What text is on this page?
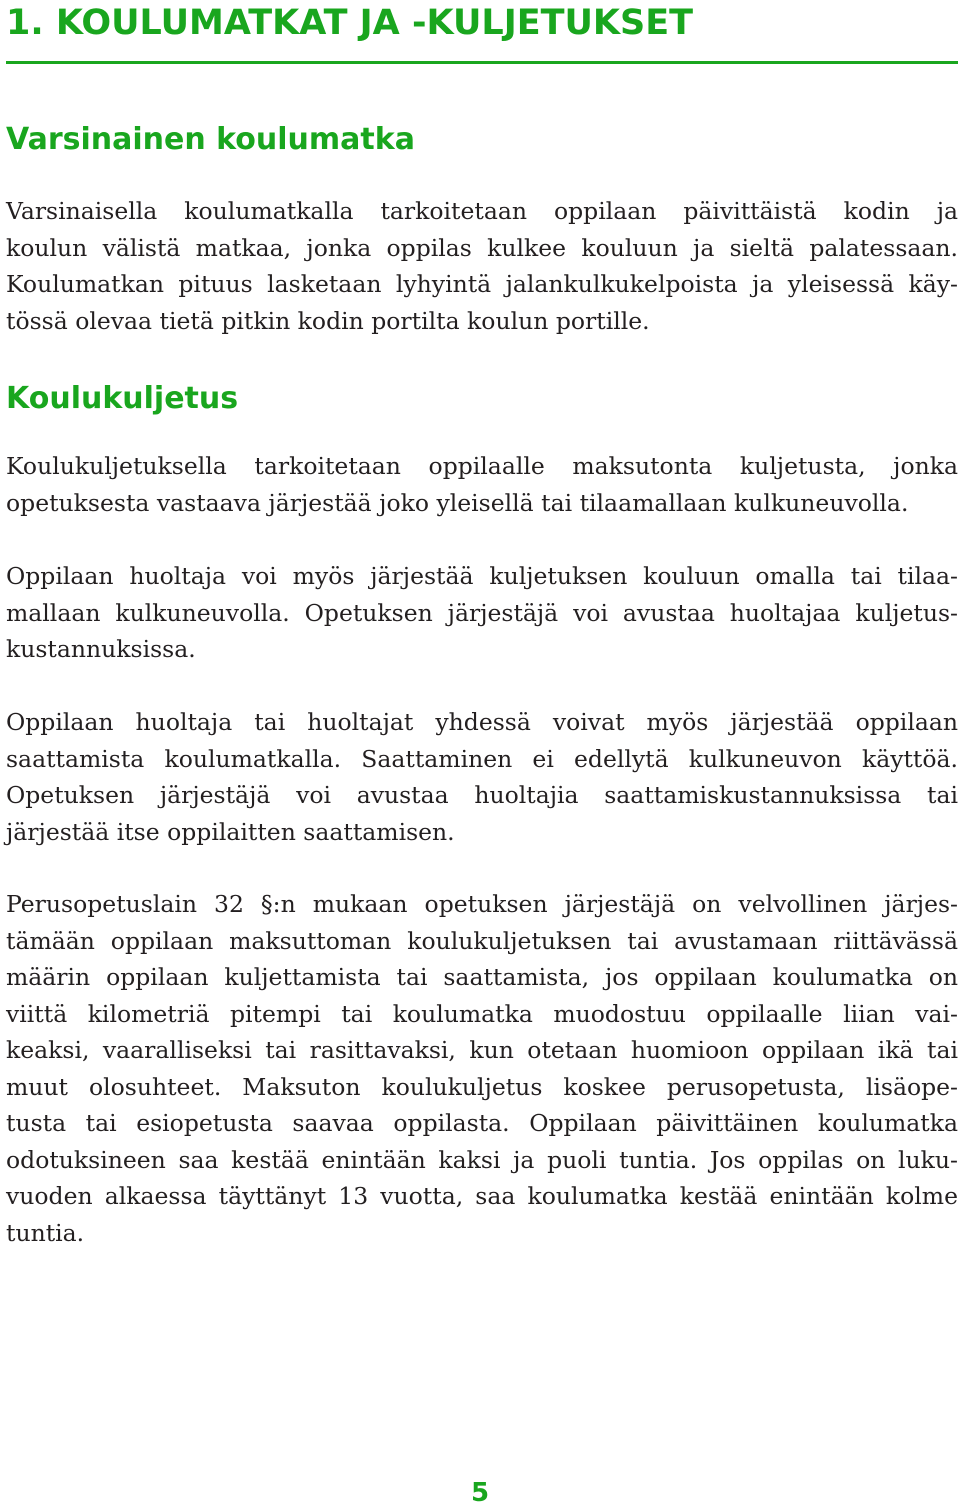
1. KOULUMATKAT JA -KULJETUKSET
Varsinainen koulumatka

Varsinaisella koulumatkalla tarkoitetaan oppilaan päivittäistä kodin ja
koulun välistä matkaa, jonka oppilas kulkee kouluun ja sieltä palatessaan.
Koulumatkan pituus lasketaan lyhyintä jalankulkukelpoista ja yleisessä käy-
tössä olevaa tietä pitkin kodin portilta koulun portille.

Koulukuljetus

Koulukuljetuksella tarkoitetaan oppilaalle maksutonta kuljetusta, jonka
opetuksesta vastaava järjestää joko yleisellä tai tilaamallaan kulkuneuvolla.

Oppilaan huoltaja voi myös järjestää kuljetuksen kouluun omalla tai tilaa-
mallaan kulkuneuvolla. Opetuksen järjestäjä voi avustaa huoltajaa kuljetus-
kustannuksissa.

Oppilaan huoltaja tai huoltajat yhdessä voivat myös järjestää oppilaan
saattamista koulumatkalla. Saattaminen ei edellytä kulkuneuvon käyttöä.
Opetuksen järjestäjä voi avustaa huoltajia saattamiskustannuksissa tai
järjestää itse oppilaitten saattamisen.

Perusopetuslain 32 §:n mukaan opetuksen järjestäjä on velvollinen järjes-
tämään oppilaan maksuttoman koulukuljetuksen tai avustamaan riittävässä
määrin oppilaan kuljettamista tai saattamista, jos oppilaan koulumatka on
viittä kilometriä pitempi tai koulumatka muodostuu oppilaalle liian vai-
keaksi, vaaralliseksi tai rasittavaksi, kun otetaan huomioon oppilaan ikä tai
muut olosuhteet. Maksuton koulukuljetus koskee perusopetusta, lisäope-
tusta tai esiopetusta saavaa oppilasta. Oppilaan päivittäinen koulumatka
odotuksineen saa kestää enintään kaksi ja puoli tuntia. Jos oppilas on luku-
vuoden alkaessa täyttänyt 13 vuotta, saa koulumatka kestää enintään kolme
tuntia.

5
